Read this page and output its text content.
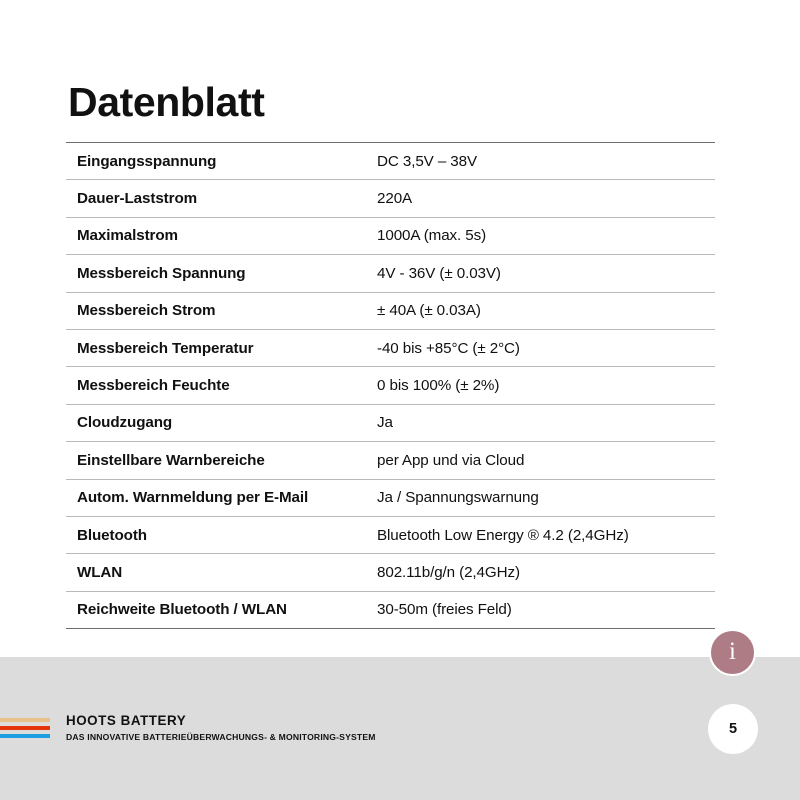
Datenblatt
Eingangsspannung	DC 3,5V – 38V
Dauer-Laststrom	220A
Maximalstrom	1000A (max. 5s)
Messbereich Spannung	4V - 36V (± 0.03V)
Messbereich Strom	± 40A (± 0.03A)
Messbereich Temperatur	-40 bis +85°C (± 2°C)
Messbereich Feuchte	0 bis 100% (± 2%)
Cloudzugang	Ja
Einstellbare Warnbereiche	per App und via Cloud
Autom. Warnmeldung per E-Mail	Ja / Spannungswarnung
Bluetooth	Bluetooth Low Energy ® 4.2 (2,4GHz)
WLAN	802.11b/g/n (2,4GHz)
Reichweite Bluetooth / WLAN	30-50m (freies Feld)
i
HOOTS BATTERY
DAS INNOVATIVE BATTERIEÜBERWACHUNGS- & MONITORING-SYSTEM
5
